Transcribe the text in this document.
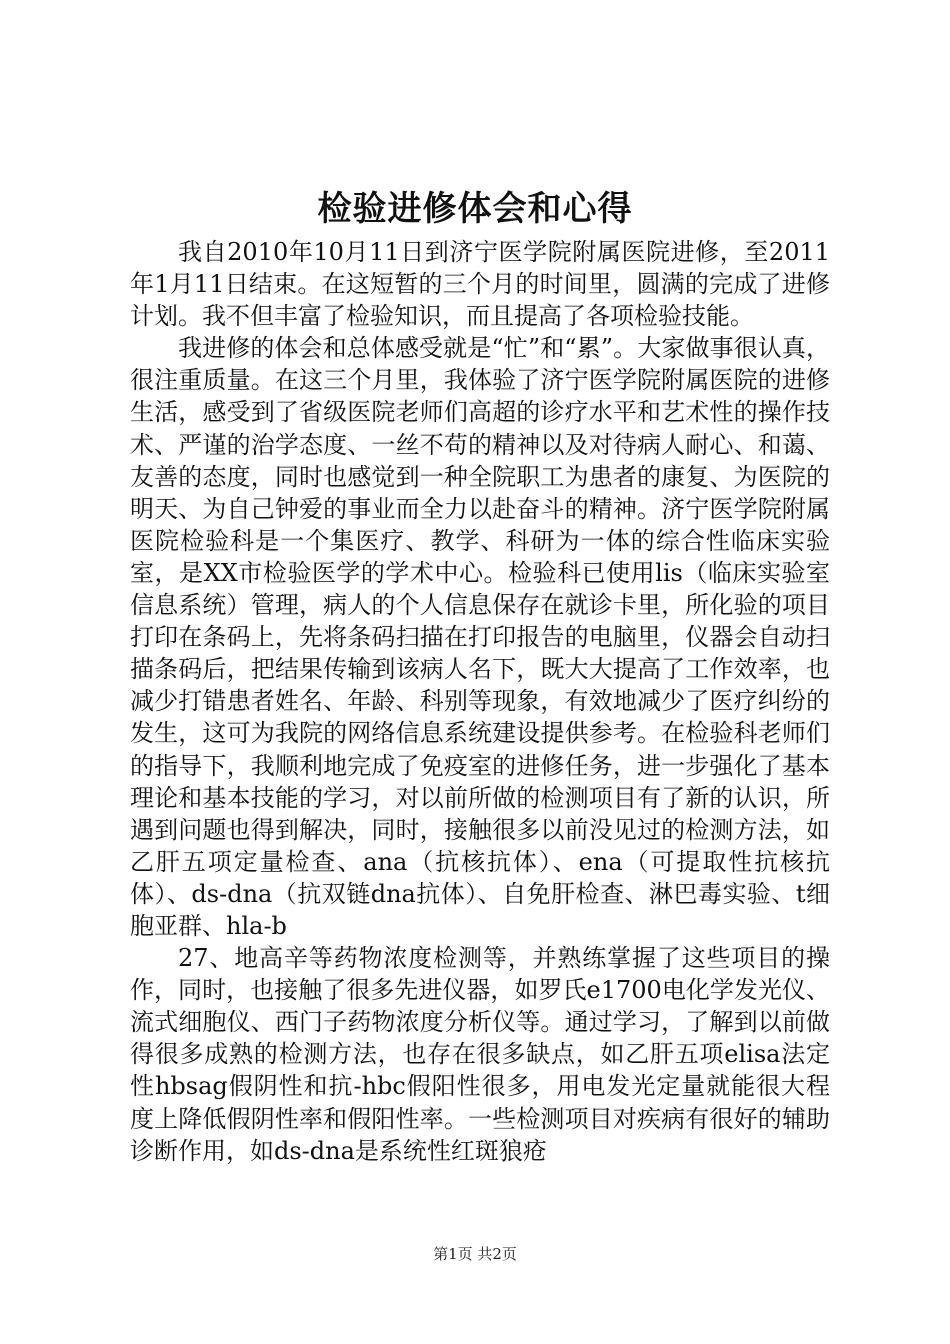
检验进修体会和心得

我自2010年10月11日到济宁医学院附属医院进修，至2011年1月11日结束。在这短暂的三个月的时间里，圆满的完成了进修计划。我不但丰富了检验知识，而且提高了各项检验技能。

我进修的体会和总体感受就是“忙”和“累”。大家做事很认真，很注重质量。在这三个月里，我体验了济宁医学院附属医院的进修生活，感受到了省级医院老师们高超的诊疗水平和艺术性的操作技术、严谨的治学态度、一丝不苟的精神以及对待病人耐心、和蔼、友善的态度，同时也感觉到一种全院职工为患者的康复、为医院的明天、为自己钟爱的事业而全力以赴奋斗的精神。济宁医学院附属医院检验科是一个集医疗、教学、科研为一体的综合性临床实验室，是XX市检验医学的学术中心。检验科已使用lis（临床实验室信息系统）管理，病人的个人信息保存在就诊卡里，所化验的项目打印在条码上，先将条码扫描在打印报告的电脑里，仪器会自动扫描条码后，把结果传输到该病人名下，既大大提高了工作效率，也减少打错患者姓名、年龄、科别等现象，有效地减少了医疗纠纷的发生，这可为我院的网络信息系统建设提供参考。在检验科老师们的指导下，我顺利地完成了免疫室的进修任务，进一步强化了基本理论和基本技能的学习，对以前所做的检测项目有了新的认识，所遇到问题也得到解决，同时，接触很多以前没见过的检测方法，如乙肝五项定量检查、ana（抗核抗体）、ena（可提取性抗核抗体）、ds-dna（抗双链dna抗体）、自免肝检查、淋巴毒实验、t细胞亚群、hla-b

27、地高辛等药物浓度检测等，并熟练掌握了这些项目的操作，同时，也接触了很多先进仪器，如罗氏e1700电化学发光仪、流式细胞仪、西门子药物浓度分析仪等。通过学习，了解到以前做得很多成熟的检测方法，也存在很多缺点，如乙肝五项elisa法定性hbsag假阴性和抗-hbc假阳性很多，用电发光定量就能很大程度上降低假阴性率和假阳性率。一些检测项目对疾病有很好的辅助诊断作用，如ds-dna是系统性红斑狼疮

第1页 共2页
